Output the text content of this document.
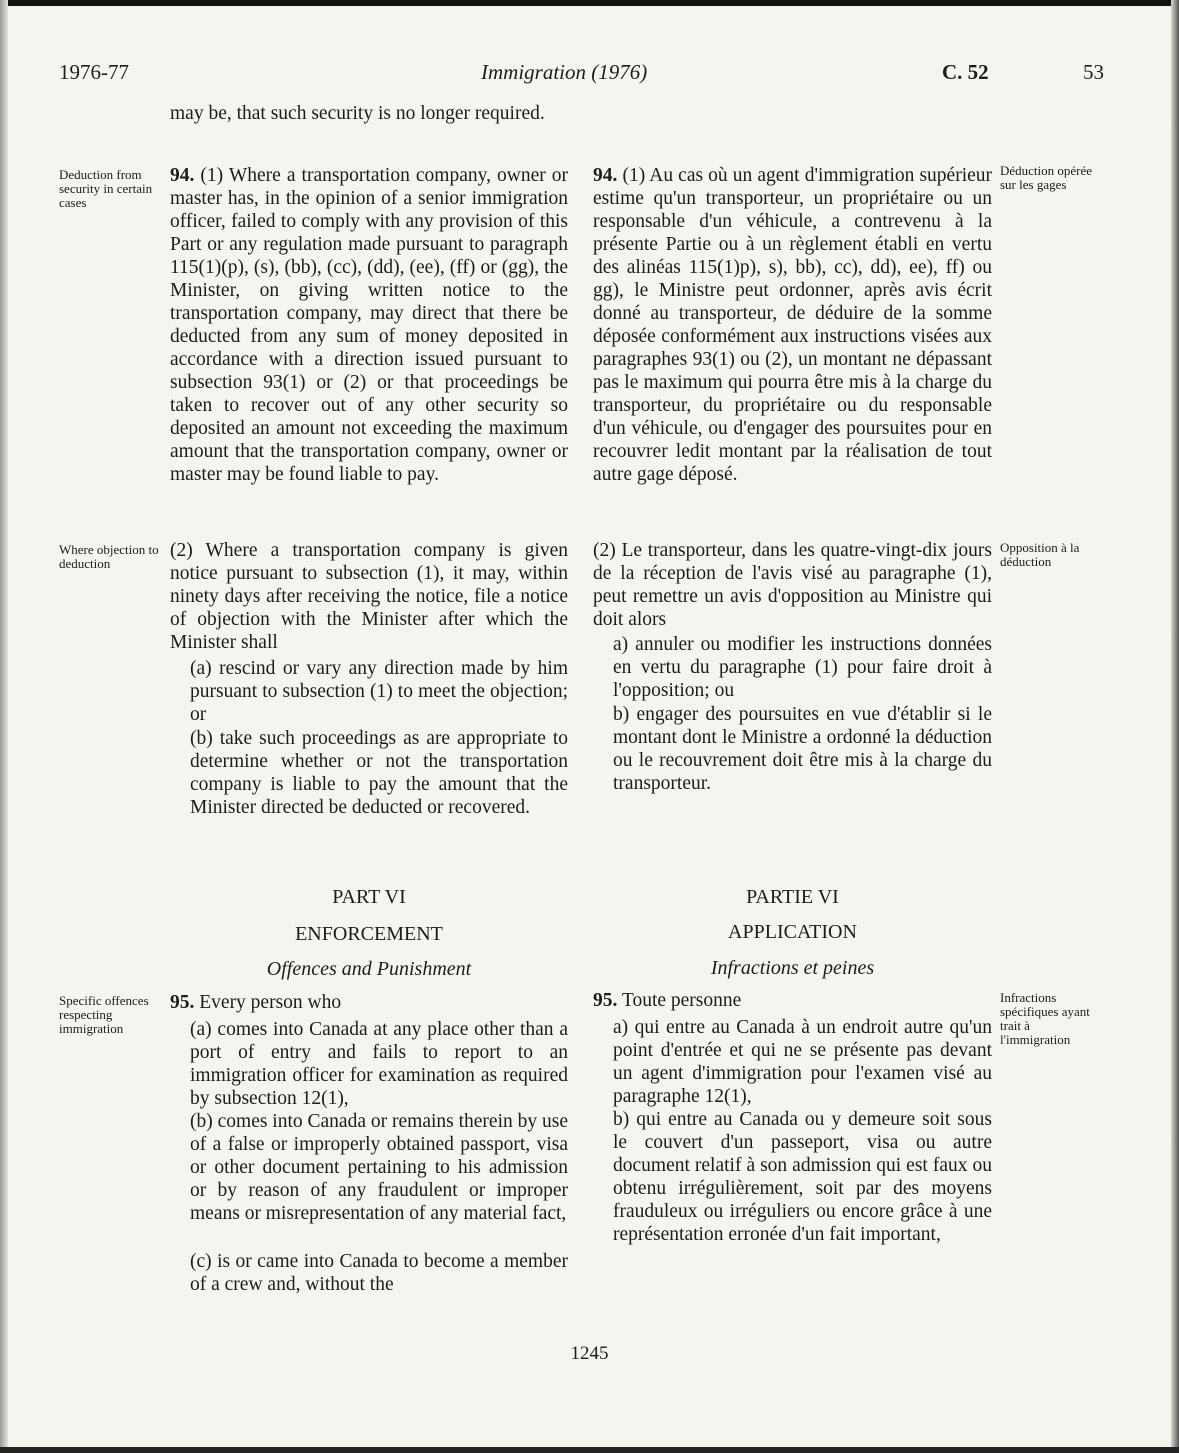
1976-77	Immigration (1976)	C. 52	53

may be, that such security is no longer required.

Deduction from security in certain cases

94. (1) Where a transportation company, owner or master has, in the opinion of a senior immigration officer, failed to comply with any provision of this Part or any regulation made pursuant to paragraph 115(1)(p), (s), (bb), (cc), (dd), (ee), (ff) or (gg), the Minister, on giving written notice to the transportation company, may direct that there be deducted from any sum of money deposited in accordance with a direction issued pursuant to subsection 93(1) or (2) or that proceedings be taken to recover out of any other security so deposited an amount not exceeding the maximum amount that the transportation company, owner or master may be found liable to pay.

Where objection to deduction

(2) Where a transportation company is given notice pursuant to subsection (1), it may, within ninety days after receiving the notice, file a notice of objection with the Minister after which the Minister shall

(a) rescind or vary any direction made by him pursuant to subsection (1) to meet the objection; or

(b) take such proceedings as are appropriate to determine whether or not the transportation company is liable to pay the amount that the Minister directed be deducted or recovered.

PART VI

ENFORCEMENT

Offences and Punishment

Specific offences respecting immigration

95. Every person who

(a) comes into Canada at any place other than a port of entry and fails to report to an immigration officer for examination as required by subsection 12(1),

(b) comes into Canada or remains therein by use of a false or improperly obtained passport, visa or other document pertaining to his admission or by reason of any fraudulent or improper means or misrepresentation of any material fact,

(c) is or came into Canada to become a member of a crew and, without the

94. (1) Au cas où un agent d'immigration supérieur estime qu'un transporteur, un propriétaire ou un responsable d'un véhicule, a contrevenu à la présente Partie ou à un règlement établi en vertu des alinéas 115(1)p), s), bb), cc), dd), ee), ff) ou gg), le Ministre peut ordonner, après avis écrit donné au transporteur, de déduire de la somme déposée conformément aux instructions visées aux paragraphes 93(1) ou (2), un montant ne dépassant pas le maximum qui pourra être mis à la charge du transporteur, du propriétaire ou du responsable d'un véhicule, ou d'engager des poursuites pour en recouvrer ledit montant par la réalisation de tout autre gage déposé.

Déduction opérée sur les gages

(2) Le transporteur, dans les quatre-vingt-dix jours de la réception de l'avis visé au paragraphe (1), peut remettre un avis d'opposition au Ministre qui doit alors

Opposition à la déduction

a) annuler ou modifier les instructions données en vertu du paragraphe (1) pour faire droit à l'opposition; ou

b) engager des poursuites en vue d'établir si le montant dont le Ministre a ordonné la déduction ou le recouvrement doit être mis à la charge du transporteur.

PARTIE VI

APPLICATION

Infractions et peines

95. Toute personne	Infractions spécifiques ayant trait à l'immigration

a) qui entre au Canada à un endroit autre qu'un point d'entrée et qui ne se présente pas devant un agent d'immigration pour l'examen visé au paragraphe 12(1),

b) qui entre au Canada ou y demeure soit sous le couvert d'un passeport, visa ou autre document relatif à son admission qui est faux ou obtenu irrégulièrement, soit par des moyens frauduleux ou irréguliers ou encore grâce à une représentation erronée d'un fait important,

1245
